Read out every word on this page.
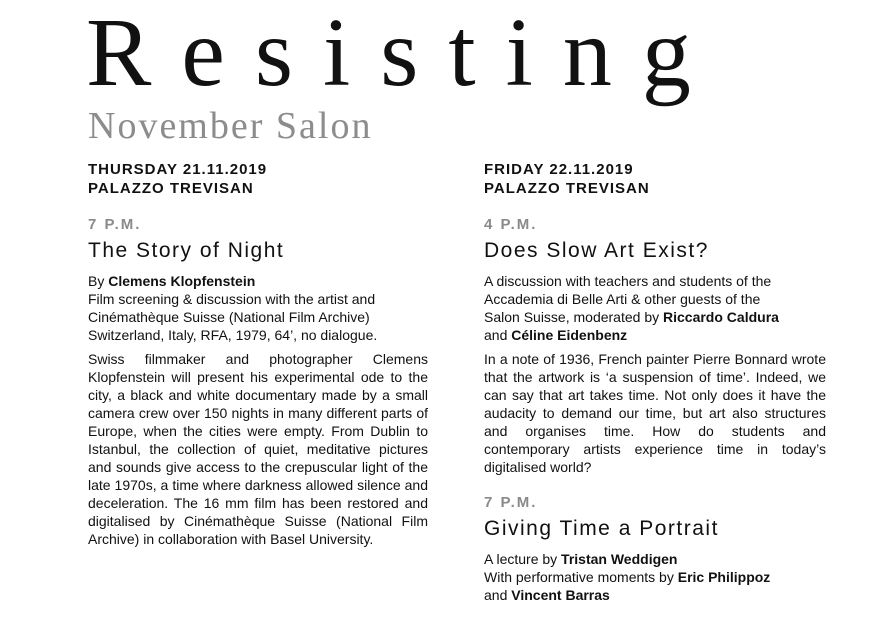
Resisting
November Salon
THURSDAY 21.11.2019
PALAZZO TREVISAN
7 P.M.
The Story of Night
By Clemens Klopfenstein
Film screening & discussion with the artist and
Cinémathèque Suisse (National Film Archive)
Switzerland, Italy, RFA, 1979, 64’, no dialogue.
Swiss filmmaker and photographer Clemens Klopfenstein will present his experimental ode to the city, a black and white documentary made by a small camera crew over 150 nights in many different parts of Europe, when the cities were empty. From Dublin to Istanbul, the collection of quiet, meditative pictures and sounds give access to the crepuscular light of the late 1970s, a time where darkness allowed silence and deceleration. The 16 mm film has been restored and digitalised by Cinémathèque Suisse (National Film Archive) in collaboration with Basel University.
FRIDAY 22.11.2019
PALAZZO TREVISAN
4 P.M.
Does Slow Art Exist?
A discussion with teachers and students of the
Accademia di Belle Arti & other guests of the
Salon Suisse, moderated by Riccardo Caldura
and Céline Eidenbenz
In a note of 1936, French painter Pierre Bonnard wrote that the artwork is ‘a suspension of time’. Indeed, we can say that art takes time. Not only does it have the audacity to demand our time, but art also structures and organises time. How do students and contemporary artists experience time in today’s digitalised world?
7 P.M.
Giving Time a Portrait
A lecture by Tristan Weddigen
With performative moments by Eric Philippoz
and Vincent Barras
